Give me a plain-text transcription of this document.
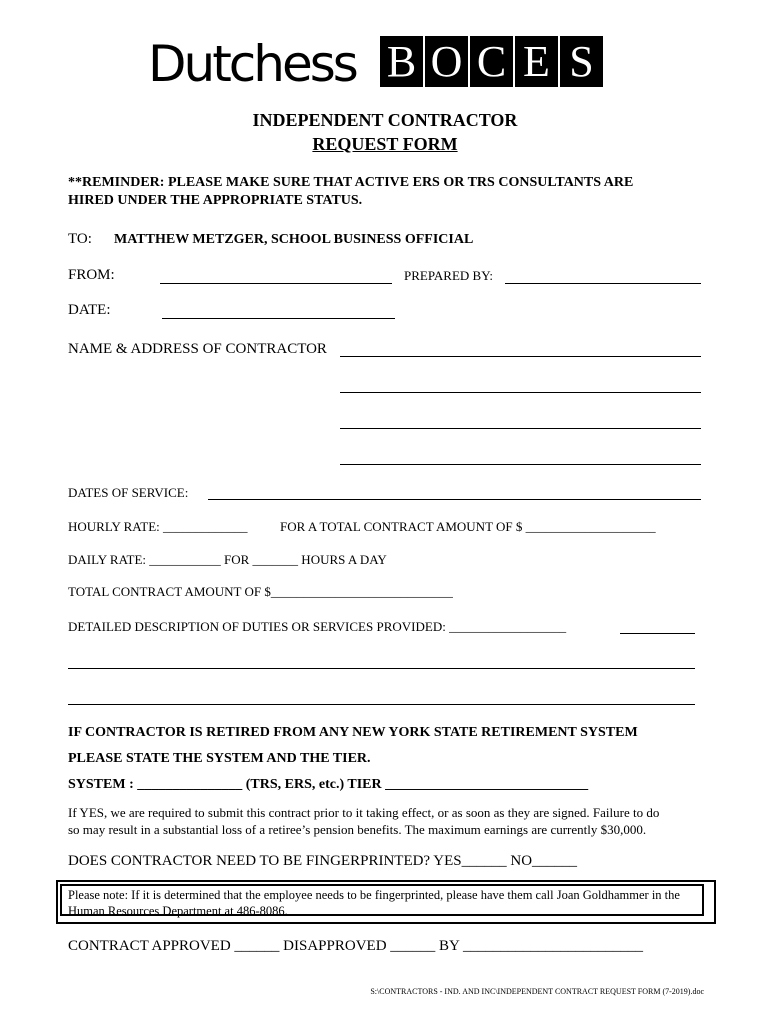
Dutchess B O C E S
INDEPENDENT CONTRACTOR
REQUEST FORM
**REMINDER: PLEASE MAKE SURE THAT ACTIVE ERS OR TRS CONSULTANTS ARE
HIRED UNDER THE APPROPRIATE STATUS.
TO: MATTHEW METZGER, SCHOOL BUSINESS OFFICIAL
FROM:	PREPARED BY:
DATE:
NAME & ADDRESS OF CONTRACTOR
DATES OF SERVICE:
HOURLY RATE: _____________	FOR A TOTAL CONTRACT AMOUNT OF $ ____________________
DAILY RATE: ___________ FOR _______ HOURS A DAY
TOTAL CONTRACT AMOUNT OF $____________________________
DETAILED DESCRIPTION OF DUTIES OR SERVICES PROVIDED: __________________
IF CONTRACTOR IS RETIRED FROM ANY NEW YORK STATE RETIREMENT SYSTEM
PLEASE STATE THE SYSTEM AND THE TIER.
SYSTEM : _______________ (TRS, ERS, etc.) TIER _____________________________
If YES, we are required to submit this contract prior to it taking effect, or as soon as they are signed. Failure to do
so may result in a substantial loss of a retiree’s pension benefits. The maximum earnings are currently $30,000.
DOES CONTRACTOR NEED TO BE FINGERPRINTED? YES______ NO______
Please note: If it is determined that the employee needs to be fingerprinted, please have them call Joan Goldhammer in the Human Resources Department at 486-8086.
CONTRACT APPROVED ______ DISAPPROVED ______ BY ________________________
S:\CONTRACTORS - IND. AND INC\INDEPENDENT CONTRACT REQUEST FORM (7-2019).doc
